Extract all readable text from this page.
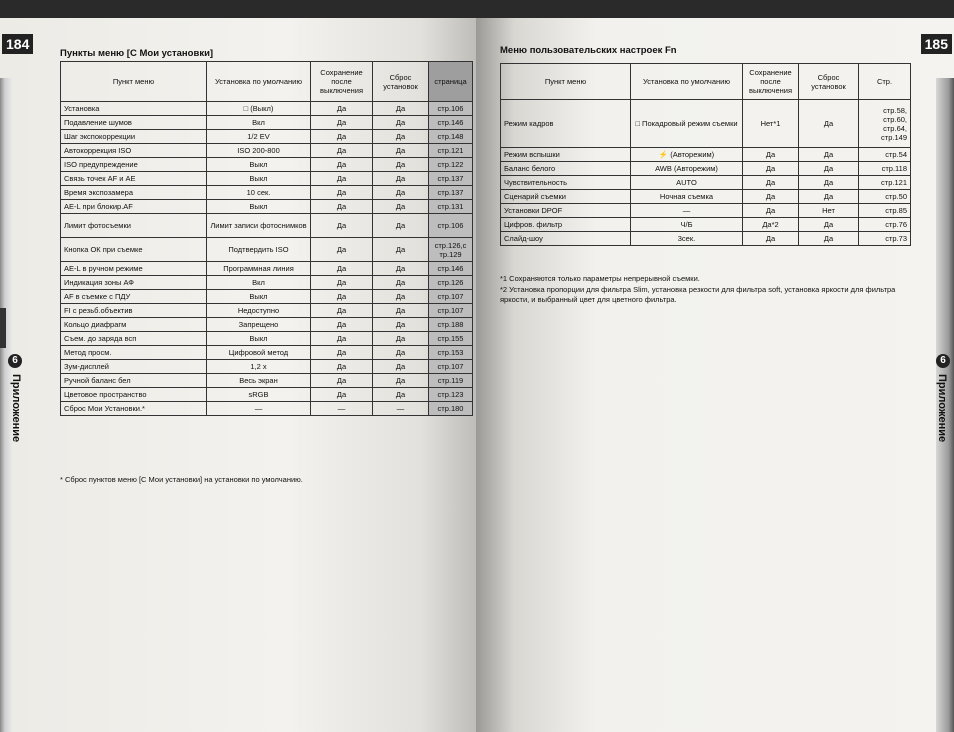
184
Пункты меню [С Мои установки]
Пункт меню	Установка по умолчанию	Сохранение после выключения	Сброс установок	страница
Установка	□ (Выкл)	Да	Да	стр.106
Подавление шумов	Вкл	Да	Да	стр.146
Шаг экспокоррекции	1/2 EV	Да	Да	стр.148
Автокоррекция ISO	ISO 200-800	Да	Да	стр.121
ISO предупреждение	Выкл	Да	Да	стр.122
Связь точек AF и AE	Выкл	Да	Да	стр.137
Время экспозамера	10 сек.	Да	Да	стр.137
AE-L при блокир.AF	Выкл	Да	Да	стр.131
Лимит фотосъемки	Лимит записи фотоснимков	Да	Да	стр.106
Кнопка ОК при съемке	Подтвердить ISO	Да	Да	стр.126,с тр.129
AE-L в ручном режиме	Программная линия	Да	Да	стр.146
Индикация зоны АФ	Вкл	Да	Да	стр.126
AF в съемке с ПДУ	Выкл	Да	Да	стр.107
FI с резьб.объектив	Недоступно	Да	Да	стр.107
Кольцо диафрагм	Запрещено	Да	Да	стр.188
Съем. до заряда всп	Выкл	Да	Да	стр.155
Метод просм.	Цифровой метод	Да	Да	стр.153
Зум-дисплей	1,2 x	Да	Да	стр.107
Ручной баланс бел	Весь экран	Да	Да	стр.119
Цветовое пространство	sRGB	Да	Да	стр.123
Сброс Мои Установки.*	—	—	—	стр.180
* Сброс пунктов меню [С Мои установки] на установки по умолчанию.
6
Приложение
185
Меню пользовательских настроек Fn
Пункт меню	Установка по умолчанию	Сохранение после выключения	Сброс установок	Стр.
Режим кадров	□ Покадровый режим съемки	Нет*1	Да	стр.58, стр.60, стр.64, стр.149
Режим вспышки	⚡ (Авторежим)	Да	Да	стр.54
Баланс белого	AWB (Авторежим)	Да	Да	стр.118
Чувствительность	AUTO	Да	Да	стр.121
Сценарий съемки	Ночная съемка	Да	Да	стр.50
Установки DPOF	—	Да	Нет	стр.85
Цифров. фильтр	Ч/Б	Да*2	Да	стр.76
Слайд-шоу	3сек.	Да	Да	стр.73
*1 Сохраняются только параметры непрерывной съемки.
*2 Установка пропорции для фильтра Slim, установка резкости для фильтра soft, установка яркости для фильтра яркости, и выбранный цвет для цветного фильтра.
6
Приложение
